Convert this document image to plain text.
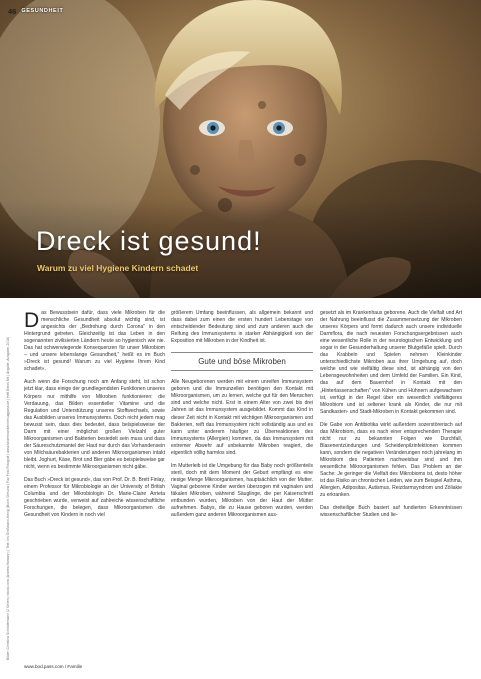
46 GESUNDHEIT
Dreck ist gesund!
Warum zu viel Hygiene Kindern schadet
Bilder: Christina Schrödermann (2 Seiten): istock.com (Andrea Hamann) | Text: Iris Großmann-Kenig (Buch: Gesund | Faz Foto Fotograf | www.kinderkrankenheit.tagpass.de | Heft Emos Mit | Angabe, Ausgabe, 2018)

Das Bewusstsein dafür, dass viele Mikroben für die menschliche Gesundheit absolut wichtig sind, ist angesichts der „Bedrohung durch Corona" in den Hintergrund getreten. Gleichzeitig ist das Leben in den sogenannten zivilisierten Ländern heute so hygienisch wie nie. Das hat schwerwiegende Konsequenzen für unser Mikrobiom – und unsere lebenslange Gesundheit," heißt es im Buch »Dreck ist gesund! Warum zu viel Hygiene Ihrem Kind schadet«.

Auch wenn die Forschung noch am Anfang steht, ist schon jetzt klar, dass einige der grundlegendsten Funktionen unseres Körpers nur mithilfe von Mikroben funktionieren: die Verdauung, das Bilden essentieller Vitamine und die Regulation und Unterstützung unseres Stoffwechsels, sowie das Ausbilden unseres Immunsystems. Doch nicht jedem mag bewusst sein, dass dies bedeutet, dass beispielsweise der Darm mit einer möglichst großen Vielzahl guter Mikroorganismen und Bakterien besiedelt sein muss und dass der Säureschutzmantel der Haut nur durch das Vorhandensein von Milchsäurebakterien und anderen Mikroorganismen intakt bleibt. Joghurt, Käse, Brot und Bier gäbe es beispielsweise gar nicht, wenn es bestimmte Mikroorganismen nicht gäbe.

Das Buch »Dreck ist gesund«, das von Prof. Dr. B. Brett Finlay, einem Professor für Mikrobiologie an der University of British Columbia und der Mikrobiologin Dr. Marie-Claire Arrieta geschrieben wurde, verweist auf zahlreiche wissenschaftliche Forschungen, die belegen, dass Mikroorganismen die Gesundheit von Kindern in noch viel

größerem Umfang beeinflussen, als allgemein bekannt und dass dabei zum einen die ersten hundert Lebenstage von entscheidender Bedeutung sind und zum anderen auch die Reifung des Immunsystems in starker Abhängigkeit von der Exposition mit Mikroben in der Kindheit ist.

Gute und böse Mikroben

Alle Neugeborenen werden mit einem unreifen Immunsystem geboren und die Immunzellen benötigen den Kontakt mit Mikroorganismen, um zu lernen, welche gut für den Menschen sind und welche nicht. Erst in einem Alter von zwei bis drei Jahren ist das Immunsystem ausgebildet. Kommt das Kind in dieser Zeit nicht in Kontakt mit wichtigen Mikroorganismen und Bakterien, reift das Immunsystem nicht vollständig aus und es kann unter anderem häufiger zu Überreaktionen des Immunsystems (Allergien) kommen, da das Immunsystem mit extremer Abwehr auf unbekannte Mikroben reagiert, die eigentlich völlig harmlos sind.

Im Mutterleib ist die Umgebung für das Baby noch größtenteils steril, doch mit dem Moment der Geburt empfängt es eine riesige Menge Mikroorganismen, hauptsächlich von der Mutter. Vaginal geborene Kinder werden überzogen mit vaginalen und fäkalen Mikroben, während Säuglinge, die per Kaiserschnitt entbunden wurden, Mikroben von der Haut der Mütter aufnehmen. Babys, die zu Hause geboren wurden, werden außerdem ganz anderen Mikroorganismen aus-

gesetzt als im Krankenhaus geborene. Auch die Vielfalt und Art der Nahrung beeinflusst die Zusammensetzung der Mikroben unseres Körpers und formt dadurch auch unsere individuelle Darmflora, die nach neuesten Forschungsergebnissen auch eine wesentliche Rolle in der neurologischen Entwicklung und sogar in der Gesunderhaltung unserer Blutgefäße spielt. Durch das Krabbeln und Spielen nehmen Kleinkinder unterschiedlichste Mikroben aus ihrer Umgebung auf, doch welche und wie vielfältig diese sind, ist abhängig von den Lebensgewohnheiten und dem Umfeld der Familien. Ein Kind, das auf dem Bauernhof in Kontakt mit den „Hinterlassenschaften" von Kühen und Hühnern aufgewachsen ist, verfügt in der Regel über ein wesentlich vielfältigeres Mikrobiom und ist seltener krank als Kinder, die nur mit Sandkasten- und Stadt-Mikroben in Kontakt gekommen sind.

Die Gabe von Antibiotika wirkt außerdem sozerstörerisch auf das Mikrobiom, dass es nach einer entsprechenden Therapie nicht nur zu bekannten Folgen wie Durchfall, Blasenentzündungen und Scheidenpilzinfektionen kommen kann, sondern die negativen Veränderungen noch jahrelang im Mikrobiom des Patienten nachweisbar sind und ihm wesentliche Mikroorganismen fehlen. Das Problem an der Sache: Je geringer die Vielfalt des Mikrobioms ist, desto höher ist das Risiko an chronischen Leiden, wie zum Beispiel Asthma, Allergien, Adipositas, Autismus, Reizdarmsyndrom und Zöliakie zu erkranken.

Das dreiteilige Buch basiert auf fundierten Erkenntnissen wissenschaftlicher Studien und lie-

www.bod.pass.com / Familie
